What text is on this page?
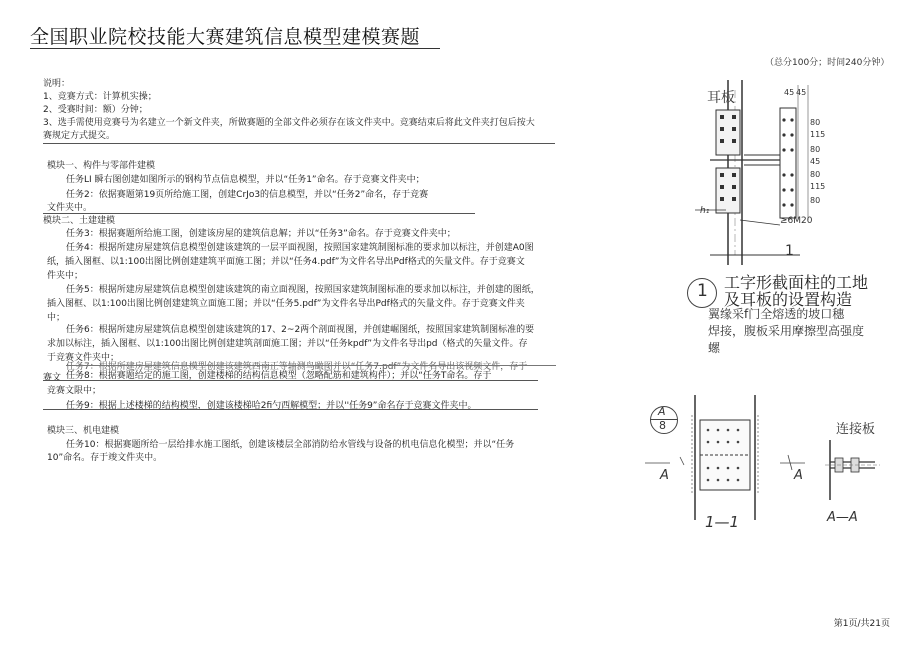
全国职业院校技能大赛建筑信息模型建模赛题
（总分100分；时间240分钟）
说明：
1、竞赛方式：计算机实操；
2、受赛时间：额）分钟；
3、选手需使用竞赛号为名建立一个新文件夹，所做赛题的全部文件必须存在该文件夹中。竞赛结束后将此文件夹打包后按大
赛规定方式提交。
模块一、构件与零部件建模
任务LI 瞬右图创建如图所示的钢构节点信息模型，并以“任务1”命名。存于竞赛文件夹中；
任务2：依据赛题第19页所给施工图，创建CrJo3的信息模型，并以“任务2”命名，存于竞赛
文件夹中。
模块二、土建建模
任务3：根据赛题所给施工图，创建该房屋的建筑信息解；并以“任务3”命名。存于竞赛文件夹中；
任务4：根据所建房屋建筑信息模型创建该建筑的一层平面视图，按照国家建筑制图标准的要求加以标注，并创建A0图
纸，插入图框、以1:100出图比例创建建筑平面施工图；并以“任务4.pdf”为文件名导出Pdf格式的矢量文件。存于竞赛文
件夹中；
任务5：根据所建房屋建筑信息模型创建该建筑的南立面视图，按照国家建筑制图标准的要求加以标注，并创建的图纸，
插入图框、以1:100出图比例创建建筑立面施工图；并以“任务5.pdf”为文件名导出Pdf格式的矢量文件。存于竞赛文件夹
中；
任务6：根据所建房屋建筑信息模型创建该建筑的17、2~2两个剖面视图，并创建崛图纸，按照国家建筑制图标准的要
求加以标注，插入图框、以1:100出图比例创建建筑剖面施工图；并以“任务kpdf”为文件名导出pd（格式的矢量文件。存
于竞赛文件夹中；
任务7：根据所建房屋建筑信息模型创建该建筑西南正等轴测鸟瞰图并以“任务7.pdf”为文件名导出该视频文件，存于
赛文 任务8：根据赛题给定的施工图，创建楼梯的结构信息模型（忽略配筋和建筑构件）；并以“任务T命名。存于
竞赛文限中；
任务9：根据上述楼梯的结构模型，创建该楼梯哈2fi勺西解模型；并以''任务9”命名存于竞赛文件夹中。
模块三、机电建模
任务10：根据赛题所给一层给排水施工图纸，创建该楼层全部消防给水管线与设备的机电信息化模型；并以“任务
10”命名。存于竣文件夹中。
耳板	45 45
80
115
80
45
80
115
80
≥6M20
h₁
1
1 工字形截面柱的工地
及耳板的设置构造
翼缘采f门全熔透的坡口穗
焊接，腹板采用摩擦型高强度
螺
A
8
A	A
1—1
连接板
A—A
第1页/共21页
